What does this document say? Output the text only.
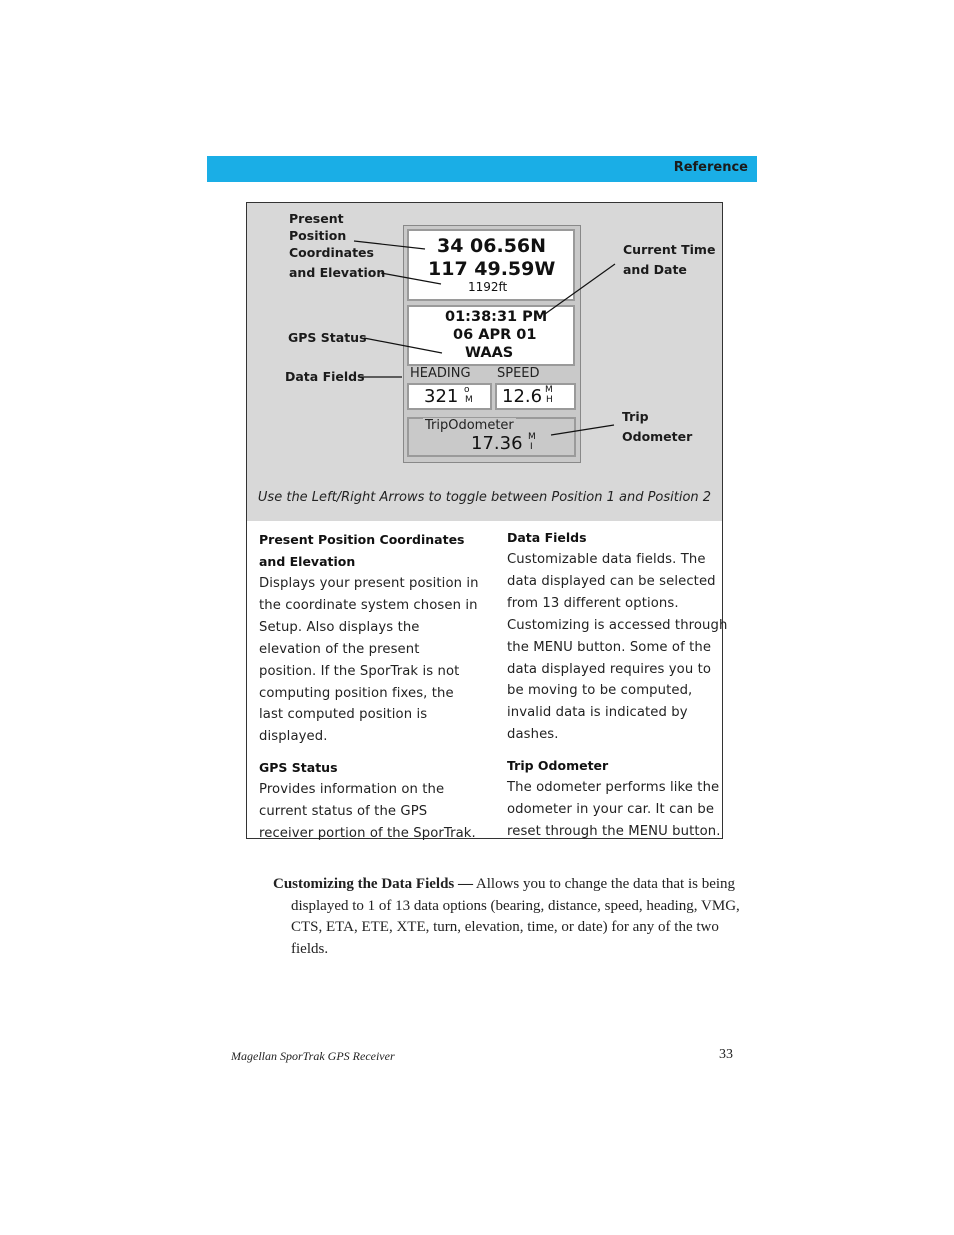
Reference
Present
Position
Coordinates
and Elevation
Current Time
and Date
GPS Status
Data Fields
Trip
Odometer
34 06.56N
117 49.59W
1192ft
01:38:31 PM
06 APR 01
WAAS
HEADING SPEED
321 o
M 12.6 M
H
TripOdometer
17.36 M
I
Use the Left/Right Arrows to toggle between Position 1 and Position 2

Present Position Coordinates
and Elevation

Displays your present position in the coordinate system chosen in Setup. Also displays the elevation of the present position. If the SporTrak is not computing position fixes, the last computed position is displayed.

GPS Status

Provides information on the current status of the GPS receiver portion of the SporTrak.

Data Fields

Customizable data fields. The data displayed can be selected from 13 different options. Customizing is accessed through the MENU button. Some of the data displayed requires you to be moving to be computed, invalid data is indicated by dashes.

Trip Odometer

The odometer performs like the odometer in your car. It can be reset through the MENU button.

Customizing the Data Fields — Allows you to change the data that is being displayed to 1 of 13 data options (bearing, distance, speed, heading, VMG, CTS, ETA, ETE, XTE, turn, elevation, time, or date) for any of the two fields.
Magellan SporTrak GPS Receiver	33
